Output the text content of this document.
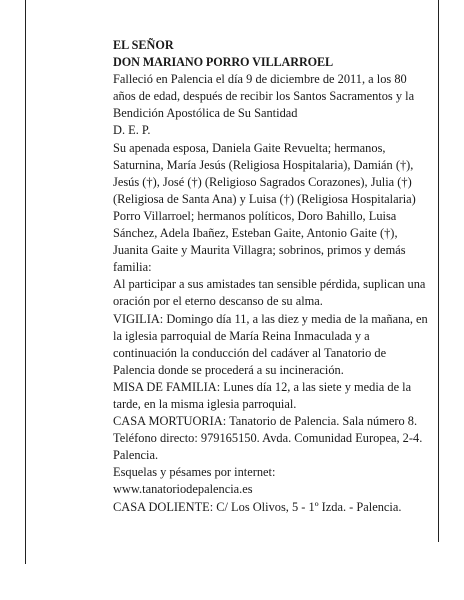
EL SEÑOR

DON MARIANO PORRO VILLARROEL

Falleció en Palencia el día 9 de diciembre de 2011, a los 80 años de edad, después de recibir los Santos Sacramentos y la Bendición Apostólica de Su Santidad

D. E. P.

Su apenada esposa, Daniela Gaite Revuelta; hermanos, Saturnina, María Jesús (Religiosa Hospitalaria), Damián (†), Jesús (†), José (†) (Religioso Sagrados Corazones), Julia (†) (Religiosa de Santa Ana) y Luisa (†) (Religiosa Hospitalaria) Porro Villarroel; hermanos políticos, Doro Bahillo, Luisa Sánchez, Adela Ibañez, Esteban Gaite, Antonio Gaite (†), Juanita Gaite y Maurita Villagra; sobrinos, primos y demás familia:

Al participar a sus amistades tan sensible pérdida, suplican una oración por el eterno descanso de su alma.

VIGILIA: Domingo día 11, a las diez y media de la mañana, en la iglesia parroquial de María Reina Inmaculada y a continuación la conducción del cadáver al Tanatorio de Palencia donde se procederá a su incineración.

MISA DE FAMILIA: Lunes día 12, a las siete y media de la tarde, en la misma iglesia parroquial.

CASA MORTUORIA: Tanatorio de Palencia. Sala número 8. Teléfono directo: 979165150. Avda. Comunidad Europea, 2-4. Palencia.

Esquelas y pésames por internet:

www.tanatoriodepalencia.es

CASA DOLIENTE: C/ Los Olivos, 5 - 1º Izda. - Palencia.
